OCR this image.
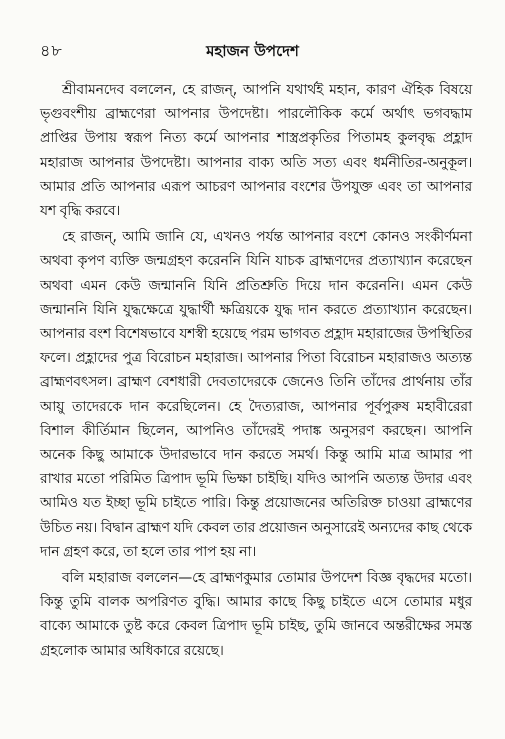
৪৮	মহাজন উপদেশ

শ্রীবামনদেব বললেন, হে রাজন্, আপনি যথার্থই মহান, কারণ ঐহিক বিষয়ে ভৃগুবংশীয় ব্রাহ্মণেরা আপনার উপদেষ্টা। পারলৌকিক কর্মে অর্থাৎ ভগবদ্ধাম প্রাপ্তির উপায় স্বরূপ নিত্য কর্মে আপনার শাস্ত্রপ্রকৃতির পিতামহ কুলবৃদ্ধ প্রহ্লাদ মহারাজ আপনার উপদেষ্টা। আপনার বাক্য অতি সত্য এবং ধর্মনীতির-অনুকূল। আমার প্রতি আপনার এরূপ আচরণ আপনার বংশের উপযুক্ত এবং তা আপনার যশ বৃদ্ধি করবে।

হে রাজন্, আমি জানি যে, এখনও পর্যন্ত আপনার বংশে কোনও সংকীর্ণমনা অথবা কৃপণ ব্যক্তি জন্মগ্রহণ করেননি যিনি যাচক ব্রাহ্মণদের প্রত্যাখ্যান করেছেন অথবা এমন কেউ জন্মাননি যিনি প্রতিশ্রুতি দিয়ে দান করেননি। এমন কেউ জন্মাননি যিনি যুদ্ধক্ষেত্রে যুদ্ধার্থী ক্ষত্রিয়কে যুদ্ধ দান করতে প্রত্যাখ্যান করেছেন। আপনার বংশ বিশেষভাবে যশস্বী হয়েছে পরম ভাগবত প্রহ্লাদ মহারাজের উপস্থিতির ফলে। প্রহ্লাদের পুত্র বিরোচন মহারাজ। আপনার পিতা বিরোচন মহারাজও অত্যন্ত ব্রাহ্মণবৎসল। ব্রাহ্মণ বেশধারী দেবতাদেরকে জেনেও তিনি তাঁদের প্রার্থনায় তাঁর আয়ু তাদেরকে দান করেছিলেন। হে দৈত্যরাজ, আপনার পূর্বপুরুষ মহাবীরেরা বিশাল কীর্তিমান ছিলেন, আপনিও তাঁদেরই পদাঙ্ক অনুসরণ করছেন। আপনি অনেক কিছু আমাকে উদারভাবে দান করতে সমর্থ। কিন্তু আমি মাত্র আমার পা রাখার মতো পরিমিত ত্রিপাদ ভূমি ভিক্ষা চাইছি। যদিও আপনি অত্যন্ত উদার এবং আমিও যত ইচ্ছা ভূমি চাইতে পারি। কিন্তু প্রয়োজনের অতিরিক্ত চাওয়া ব্রাহ্মণের উচিত নয়। বিদ্বান ব্রাহ্মণ যদি কেবল তার প্রয়োজন অনুসারেই অন্যদের কাছ থেকে দান গ্রহণ করে, তা হলে তার পাপ হয় না।

বলি মহারাজ বললেন—হে ব্রাহ্মণকুমার তোমার উপদেশ বিজ্ঞ বৃদ্ধদের মতো। কিন্তু তুমি বালক অপরিণত বুদ্ধি। আমার কাছে কিছু চাইতে এসে তোমার মধুর বাক্যে আমাকে তুষ্ট করে কেবল ত্রিপাদ ভূমি চাইছ, তুমি জানবে অন্তরীক্ষের সমস্ত গ্রহলোক আমার অধিকারে রয়েছে।
